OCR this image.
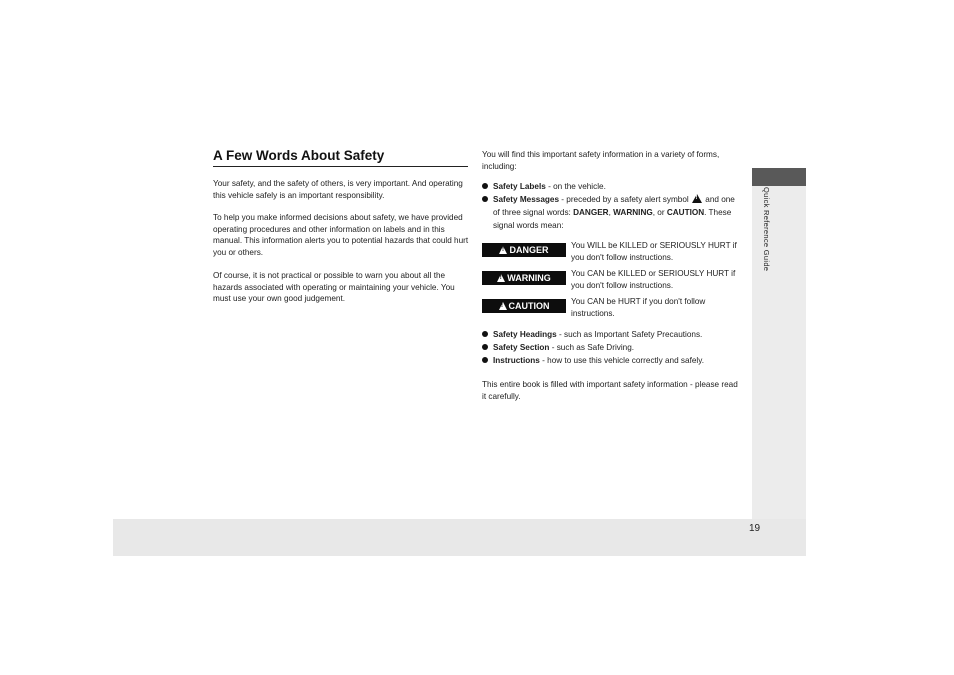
Quick Reference Guide
19
A Few Words About Safety

Your safety, and the safety of others, is very important. And operating this vehicle safely is an important responsibility.

To help you make informed decisions about safety, we have provided operating procedures and other information on labels and in this manual. This information alerts you to potential hazards that could hurt you or others.

Of course, it is not practical or possible to warn you about all the hazards associated with operating or maintaining your vehicle. You must use your own good judgement.

You will find this important safety information in a variety of forms, including:

Safety Labels - on the vehicle.
Safety Messages - preceded by a safety alert symbol ! and one of three signal words: DANGER, WARNING, or CAUTION. These signal words mean:
!
DANGER	You WILL be KILLED or SERIOUSLY HURT if you don't follow instructions.
!
WARNING You CAN be KILLED or SERIOUSLY HURT if you don't follow instructions.
!
CAUTION	You CAN be HURT if you don't follow instructions.
Safety Headings - such as Important Safety Precautions.
Safety Section - such as Safe Driving.
Instructions - how to use this vehicle correctly and safely.

This entire book is filled with important safety information - please read it carefully.
